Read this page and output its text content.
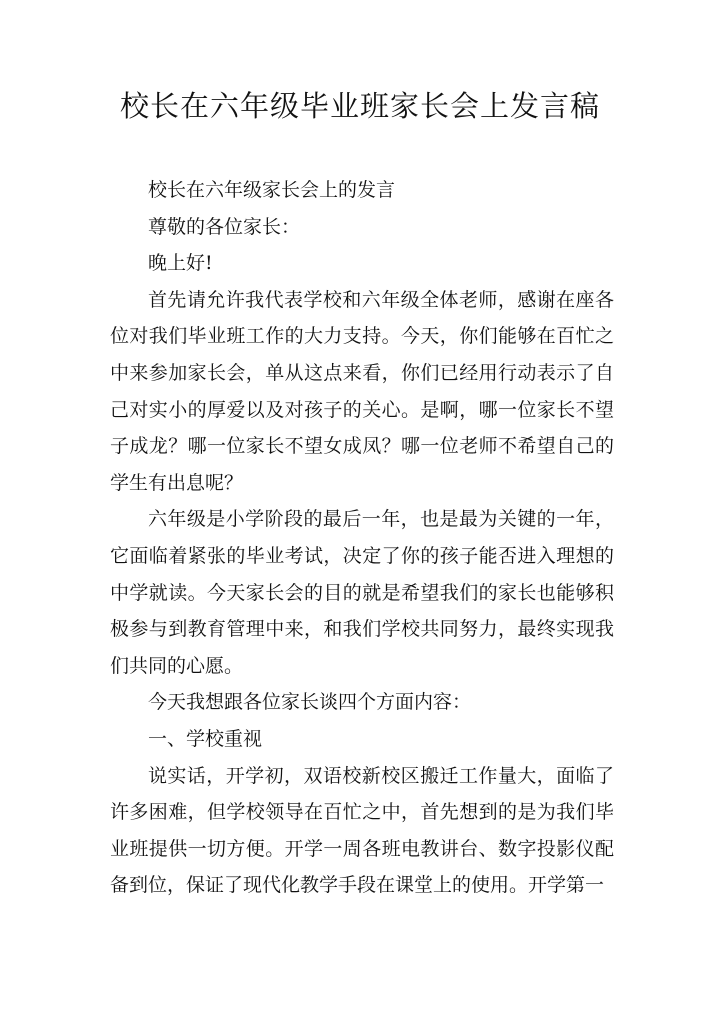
校长在六年级毕业班家长会上发言稿

校长在六年级家长会上的发言

尊敬的各位家长：

晚上好!

首先请允许我代表学校和六年级全体老师，感谢在座各位对我们毕业班工作的大力支持。今天，你们能够在百忙之中来参加家长会，单从这点来看，你们已经用行动表示了自己对实小的厚爱以及对孩子的关心。是啊，哪一位家长不望子成龙？哪一位家长不望女成凤？哪一位老师不希望自己的学生有出息呢？

六年级是小学阶段的最后一年，也是最为关键的一年，它面临着紧张的毕业考试，决定了你的孩子能否进入理想的中学就读。今天家长会的目的就是希望我们的家长也能够积极参与到教育管理中来，和我们学校共同努力，最终实现我们共同的心愿。

今天我想跟各位家长谈四个方面内容：

一、学校重视

说实话，开学初，双语校新校区搬迁工作量大，面临了许多困难，但学校领导在百忙之中，首先想到的是为我们毕业班提供一切方便。开学一周各班电教讲台、数字投影仪配备到位，保证了现代化教学手段在课堂上的使用。开学第一
